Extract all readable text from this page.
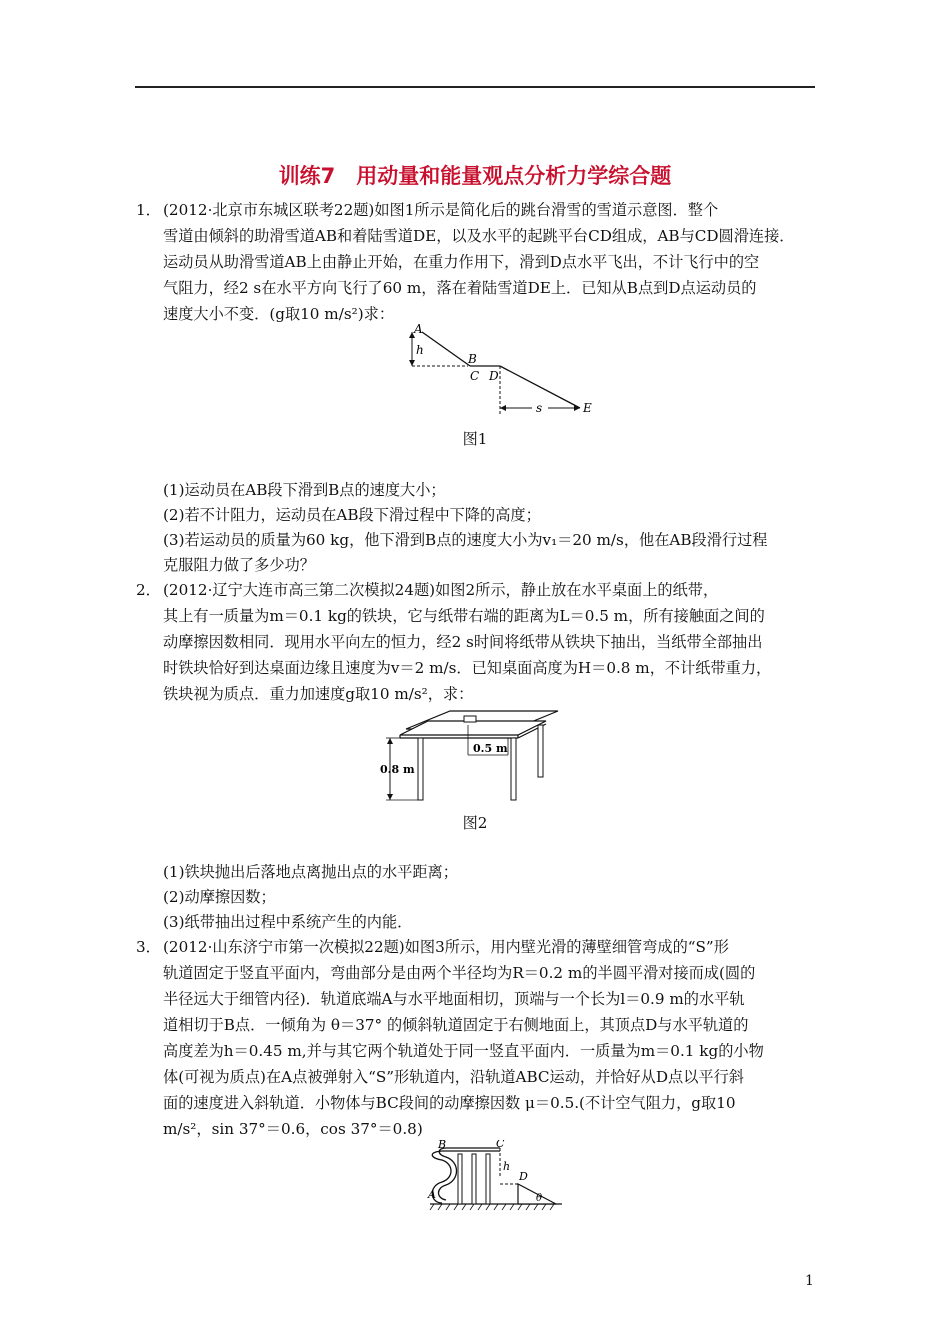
训练7　用动量和能量观点分析力学综合题
1． (2012·北京市东城区联考22题)如图1所示是简化后的跳台滑雪的雪道示意图．整个
雪道由倾斜的助滑雪道AB和着陆雪道DE，以及水平的起跳平台CD组成，AB与CD圆滑连接．
运动员从助滑雪道AB上由静止开始，在重力作用下，滑到D点水平飞出，不计飞行中的空
气阻力，经2 s在水平方向飞行了60 m，落在着陆雪道DE上．已知从B点到D点运动员的
速度大小不变．(g取10 m/s²)求：
A
h
B
C D
s	E
图1
(1)运动员在AB段下滑到B点的速度大小；
(2)若不计阻力，运动员在AB段下滑过程中下降的高度；
(3)若运动员的质量为60 kg，他下滑到B点的速度大小为v₁＝20 m/s，他在AB段滑行过程
克服阻力做了多少功？
2． (2012·辽宁大连市高三第二次模拟24题)如图2所示，静止放在水平桌面上的纸带，
其上有一质量为m＝0.1 kg的铁块，它与纸带右端的距离为L＝0.5 m，所有接触面之间的
动摩擦因数相同．现用水平向左的恒力，经2 s时间将纸带从铁块下抽出，当纸带全部抽出
时铁块恰好到达桌面边缘且速度为v＝2 m/s．已知桌面高度为H＝0.8 m，不计纸带重力，
铁块视为质点．重力加速度g取10 m/s²，求：
0.5 m
0.8 m
图2
(1)铁块抛出后落地点离抛出点的水平距离；
(2)动摩擦因数；
(3)纸带抽出过程中系统产生的内能．
3． (2012·山东济宁市第一次模拟22题)如图3所示，用内壁光滑的薄壁细管弯成的“S”形
轨道固定于竖直平面内，弯曲部分是由两个半径均为R＝0.2 m的半圆平滑对接而成(圆的
半径远大于细管内径)．轨道底端A与水平地面相切，顶端与一个长为l＝0.9 m的水平轨
道相切于B点．一倾角为 θ＝37° 的倾斜轨道固定于右侧地面上，其顶点D与水平轨道的
高度差为h＝0.45 m,并与其它两个轨道处于同一竖直平面内．一质量为m＝0.1 kg的小物
体(可视为质点)在A点被弹射入“S”形轨道内，沿轨道ABC运动，并恰好从D点以平行斜
面的速度进入斜轨道．小物体与BC段间的动摩擦因数 μ＝0.5.(不计空气阻力，g取10
m/s²，sin 37°＝0.6，cos 37°＝0.8)
B	C
h
D
A	θ
1
